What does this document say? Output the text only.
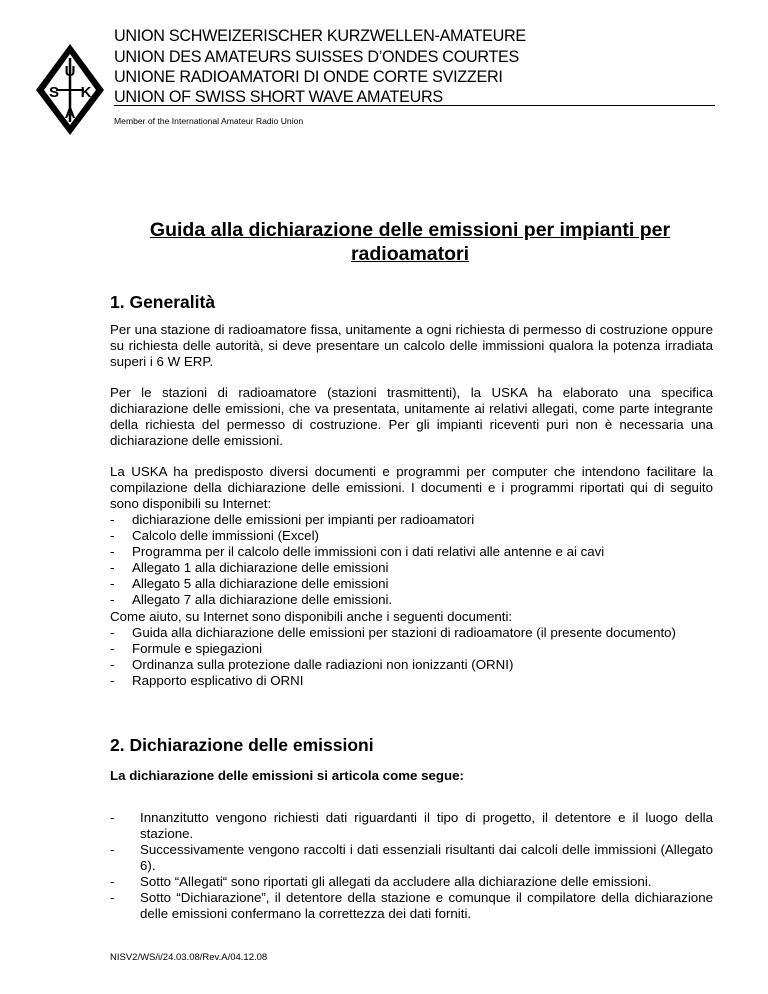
U
S K
A
UNION SCHWEIZERISCHER KURZWELLEN-AMATEURE
UNION DES AMATEURS SUISSES D’ONDES COURTES
UNIONE RADIOAMATORI DI ONDE CORTE SVIZZERI
UNION OF SWISS SHORT WAVE AMATEURS
Member of the International Amateur Radio Union
Guida alla dichiarazione delle emissioni per impianti per radioamatori
1. Generalità
Per una stazione di radioamatore fissa, unitamente a ogni richiesta di permesso di costruzione oppure su richiesta delle autorità, si deve presentare un calcolo delle immissioni qualora la potenza irradiata superi i 6 W ERP.
Per le stazioni di radioamatore (stazioni trasmittenti), la USKA ha elaborato una specifica dichiarazione delle emissioni, che va presentata, unitamente ai relativi allegati, come parte integrante della richiesta del permesso di costruzione. Per gli impianti riceventi puri non è necessaria una dichiarazione delle emissioni.
La USKA ha predisposto diversi documenti e programmi per computer che intendono facilitare la compilazione della dichiarazione delle emissioni. I documenti e i programmi riportati qui di seguito sono disponibili su Internet:
- dichiarazione delle emissioni per impianti per radioamatori
- Calcolo delle immissioni (Excel)
- Programma per il calcolo delle immissioni con i dati relativi alle antenne e ai cavi
- Allegato 1 alla dichiarazione delle emissioni
- Allegato 5 alla dichiarazione delle emissioni
- Allegato 7 alla dichiarazione delle emissioni.
Come aiuto, su Internet sono disponibili anche i seguenti documenti:
- Guida alla dichiarazione delle emissioni per stazioni di radioamatore (il presente documento)
- Formule e spiegazioni
- Ordinanza sulla protezione dalle radiazioni non ionizzanti (ORNI)
- Rapporto esplicativo di ORNI
2. Dichiarazione delle emissioni
La dichiarazione delle emissioni si articola come segue:
- Innanzitutto vengono richiesti dati riguardanti il tipo di progetto, il detentore e il luogo della stazione.
- Successivamente vengono raccolti i dati essenziali risultanti dai calcoli delle immissioni (Allegato 6).
- Sotto “Allegati“ sono riportati gli allegati da accludere alla dichiarazione delle emissioni.
- Sotto “Dichiarazione”, il detentore della stazione e comunque il compilatore della dichiarazione delle emissioni confermano la correttezza dei dati forniti.
NISV2/WS/i/24.03.08/Rev.A/04.12.08
